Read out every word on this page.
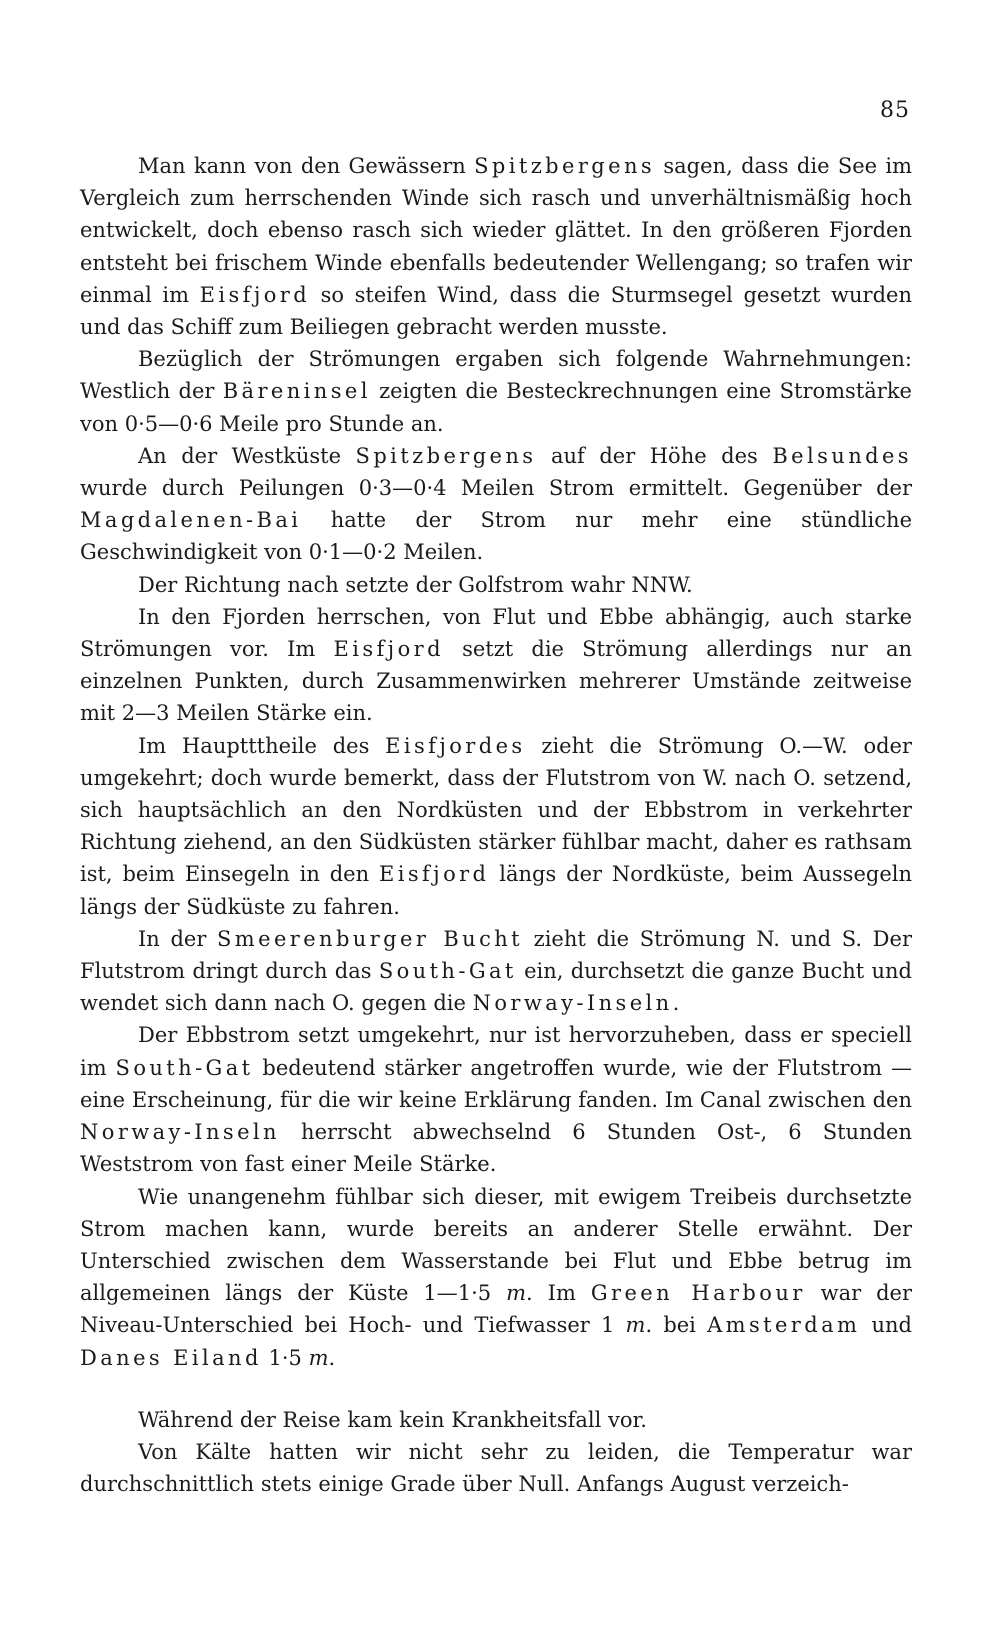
85

Man kann von den Gewässern Spitzbergens sagen, dass die See im Vergleich zum herrschenden Winde sich rasch und unverhältnismäßig hoch entwickelt, doch ebenso rasch sich wieder glättet. In den größeren Fjorden entsteht bei frischem Winde ebenfalls bedeutender Wellengang; so trafen wir einmal im Eisfjord so steifen Wind, dass die Sturmsegel gesetzt wurden und das Schiff zum Beiliegen gebracht werden musste.

Bezüglich der Strömungen ergaben sich folgende Wahrnehmungen: Westlich der Bäreninsel zeigten die Besteckrechnungen eine Stromstärke von 0·5—0·6 Meile pro Stunde an.

An der Westküste Spitzbergens auf der Höhe des Belsundes wurde durch Peilungen 0·3—0·4 Meilen Strom ermittelt. Gegenüber der Magdalenen-Bai hatte der Strom nur mehr eine stündliche Geschwindigkeit von 0·1—0·2 Meilen.

Der Richtung nach setzte der Golfstrom wahr NNW.

In den Fjorden herrschen, von Flut und Ebbe abhängig, auch starke Strömungen vor. Im Eisfjord setzt die Strömung allerdings nur an einzelnen Punkten, durch Zusammenwirken mehrerer Umstände zeitweise mit 2—3 Meilen Stärke ein.

Im Hauptttheile des Eisfjordes zieht die Strömung O.—W. oder umgekehrt; doch wurde bemerkt, dass der Flutstrom von W. nach O. setzend, sich hauptsächlich an den Nordküsten und der Ebbstrom in verkehrter Richtung ziehend, an den Südküsten stärker fühlbar macht, daher es rathsam ist, beim Einsegeln in den Eisfjord längs der Nordküste, beim Aussegeln längs der Südküste zu fahren.

In der Smeerenburger Bucht zieht die Strömung N. und S. Der Flutstrom dringt durch das South-Gat ein, durchsetzt die ganze Bucht und wendet sich dann nach O. gegen die Norway-Inseln.

Der Ebbstrom setzt umgekehrt, nur ist hervorzuheben, dass er speciell im South-Gat bedeutend stärker angetroffen wurde, wie der Flutstrom — eine Erscheinung, für die wir keine Erklärung fanden. Im Canal zwischen den Norway-Inseln herrscht abwechselnd 6 Stunden Ost-, 6 Stunden Weststrom von fast einer Meile Stärke.

Wie unangenehm fühlbar sich dieser, mit ewigem Treibeis durchsetzte Strom machen kann, wurde bereits an anderer Stelle erwähnt. Der Unterschied zwischen dem Wasserstande bei Flut und Ebbe betrug im allgemeinen längs der Küste 1—1·5 m. Im Green Harbour war der Niveau-Unterschied bei Hoch- und Tiefwasser 1 m. bei Amsterdam und Danes Eiland 1·5 m.

Während der Reise kam kein Krankheitsfall vor.

Von Kälte hatten wir nicht sehr zu leiden, die Temperatur war durchschnittlich stets einige Grade über Null. Anfangs August verzeich-
